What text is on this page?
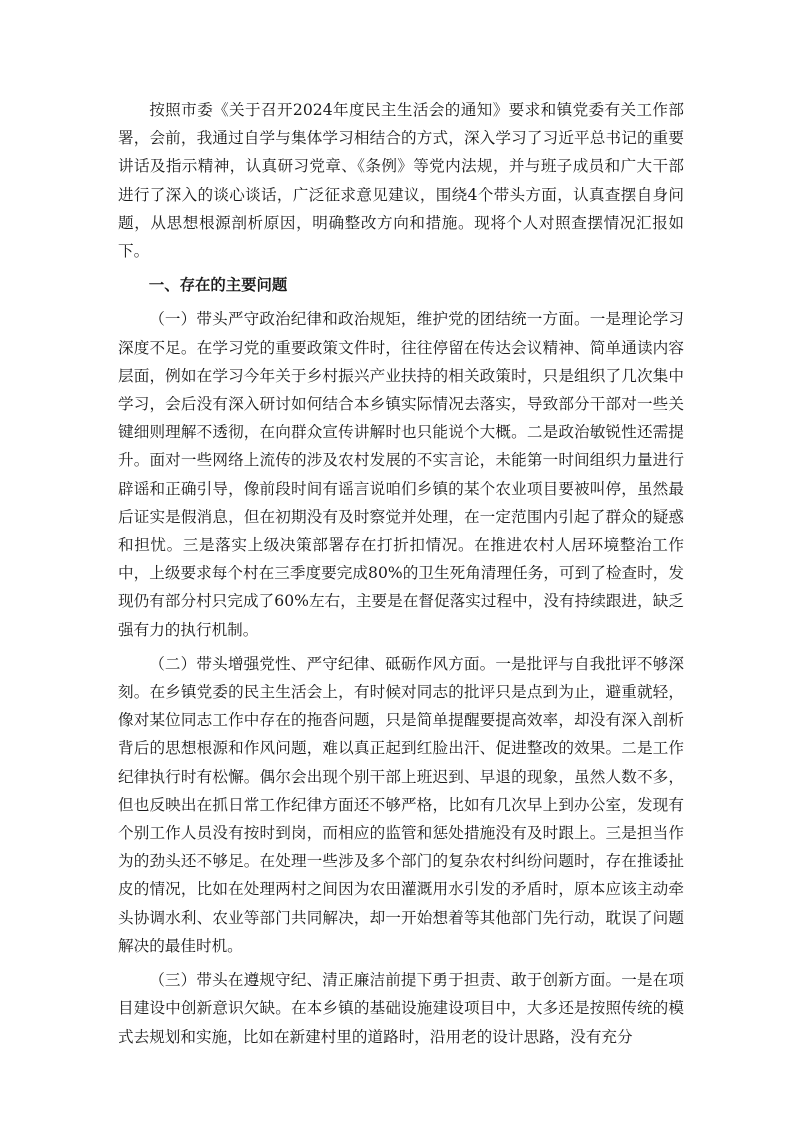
按照市委《关于召开2024年度民主生活会的通知》要求和镇党委有关工作部署，会前，我通过自学与集体学习相结合的方式，深入学习了习近平总书记的重要讲话及指示精神，认真研习党章、《条例》等党内法规，并与班子成员和广大干部进行了深入的谈心谈话，广泛征求意见建议，围绕4个带头方面，认真查摆自身问题，从思想根源剖析原因，明确整改方向和措施。现将个人对照查摆情况汇报如下。

一、存在的主要问题

（一）带头严守政治纪律和政治规矩，维护党的团结统一方面。一是理论学习深度不足。在学习党的重要政策文件时，往往停留在传达会议精神、简单通读内容层面，例如在学习今年关于乡村振兴产业扶持的相关政策时，只是组织了几次集中学习，会后没有深入研讨如何结合本乡镇实际情况去落实，导致部分干部对一些关键细则理解不透彻，在向群众宣传讲解时也只能说个大概。二是政治敏锐性还需提升。面对一些网络上流传的涉及农村发展的不实言论，未能第一时间组织力量进行辟谣和正确引导，像前段时间有谣言说咱们乡镇的某个农业项目要被叫停，虽然最后证实是假消息，但在初期没有及时察觉并处理，在一定范围内引起了群众的疑惑和担忧。三是落实上级决策部署存在打折扣情况。在推进农村人居环境整治工作中，上级要求每个村在三季度要完成80%的卫生死角清理任务，可到了检查时，发现仍有部分村只完成了60%左右，主要是在督促落实过程中，没有持续跟进，缺乏强有力的执行机制。

（二）带头增强党性、严守纪律、砥砺作风方面。一是批评与自我批评不够深刻。在乡镇党委的民主生活会上，有时候对同志的批评只是点到为止，避重就轻，像对某位同志工作中存在的拖沓问题，只是简单提醒要提高效率，却没有深入剖析背后的思想根源和作风问题，难以真正起到红脸出汗、促进整改的效果。二是工作纪律执行时有松懈。偶尔会出现个别干部上班迟到、早退的现象，虽然人数不多，但也反映出在抓日常工作纪律方面还不够严格，比如有几次早上到办公室，发现有个别工作人员没有按时到岗，而相应的监管和惩处措施没有及时跟上。三是担当作为的劲头还不够足。在处理一些涉及多个部门的复杂农村纠纷问题时，存在推诿扯皮的情况，比如在处理两村之间因为农田灌溉用水引发的矛盾时，原本应该主动牵头协调水利、农业等部门共同解决，却一开始想着等其他部门先行动，耽误了问题解决的最佳时机。

（三）带头在遵规守纪、清正廉洁前提下勇于担责、敢于创新方面。一是在项目建设中创新意识欠缺。在本乡镇的基础设施建设项目中，大多还是按照传统的模式去规划和实施，比如在新建村里的道路时，沿用老的设计思路，没有充分
